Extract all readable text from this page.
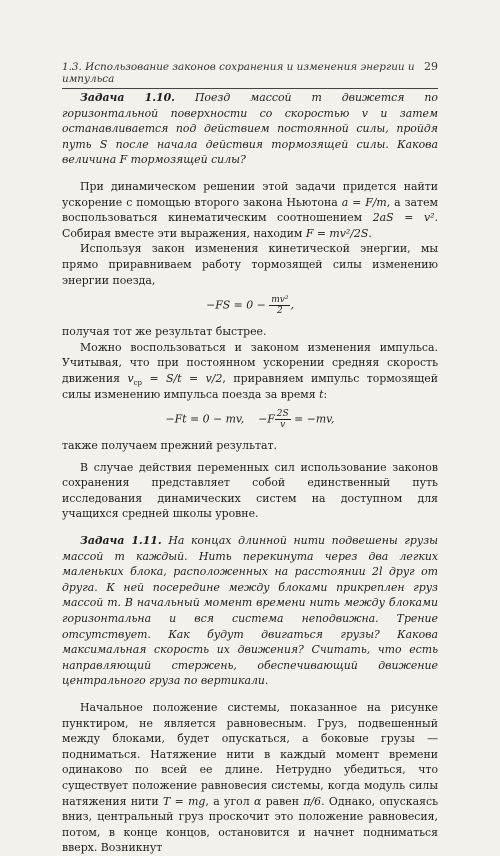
1.3. Использование законов сохранения и изменения энергии и импульса
29

Задача 1.10. Поезд массой m движется по горизонтальной поверхности со скоростью v и затем останавливается под действием постоянной силы, пройдя путь S после начала действия тормозящей силы. Какова величина F тормозящей силы?

При динамическом решении этой задачи придется найти ускорение с помощью второго закона Ньютона a = F/m, а затем воспользоваться кинематическим соотношением 2aS = v². Собирая вместе эти выражения, находим F = mv²/2S.

Используя закон изменения кинетической энергии, мы прямо приравниваем работу тормозящей силы изменению энергии поезда,

$-FS = 0 - \frac{\text{mv²}}{2}$ ,

получая тот же результат быстрее.

Можно воспользоваться и законом изменения импульса. Учитывая, что при постоянном ускорении средняя скорость движения $v_{ср} = S/t = v/2$, приравняем импульс тормозящей силы изменению импульса поезда за время t:

−Ft = 0 − mv, $-F \frac{2S}{v} = -mv$,

также получаем прежний результат.

В случае действия переменных сил использование законов сохранения представляет собой единственный путь исследования динамических систем на доступном для учащихся средней школы уровне.

Задача 1.11. На концах длинной нити подвешены грузы массой m каждый. Нить перекинута через два легких маленьких блока, расположенных на расстоянии 2l друг от друга. К ней посередине между блоками прикреплен груз массой m. В начальный момент времени нить между блоками горизонтальна и вся система неподвижна. Трение отсутствует. Как будут двигаться грузы? Какова максимальная скорость их движения? Считать, что есть направляющий стержень, обеспечивающий движение центрального груза по вертикали.

Начальное положение системы, показанное на рисунке пунктиром, не является равновесным. Груз, подвешенный между блоками, будет опускаться, а боковые грузы — подниматься. Натяжение нити в каждый момент времени одинаково по всей ее длине. Нетрудно убедиться, что существует положение равновесия системы, когда модуль силы натяжения нити T = mg, а угол α равен π/6. Однако, опускаясь вниз, центральный груз проскочит это положение равновесия, потом, в конце концов, остановится и начнет подниматься вверх. Возникнут
